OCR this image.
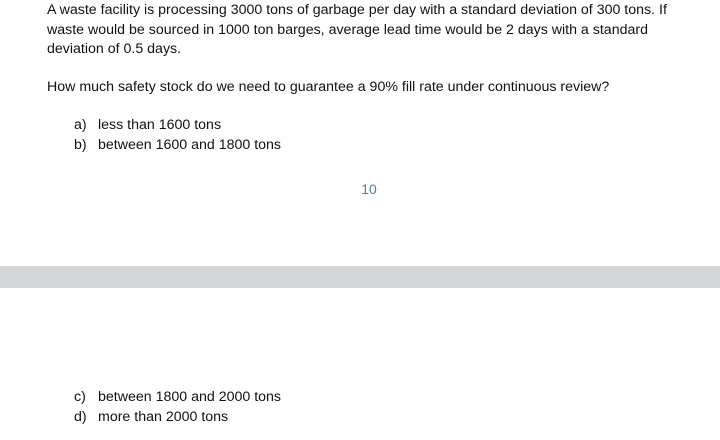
A waste facility is processing 3000 tons of garbage per day with a standard deviation of 300 tons. If waste would be sourced in 1000 ton barges, average lead time would be 2 days with a standard deviation of 0.5 days.

How much safety stock do we need to guarantee a 90% fill rate under continuous review?

a) less than 1600 tons
b) between 1600 and 1800 tons
10
c) between 1800 and 2000 tons
d) more than 2000 tons
